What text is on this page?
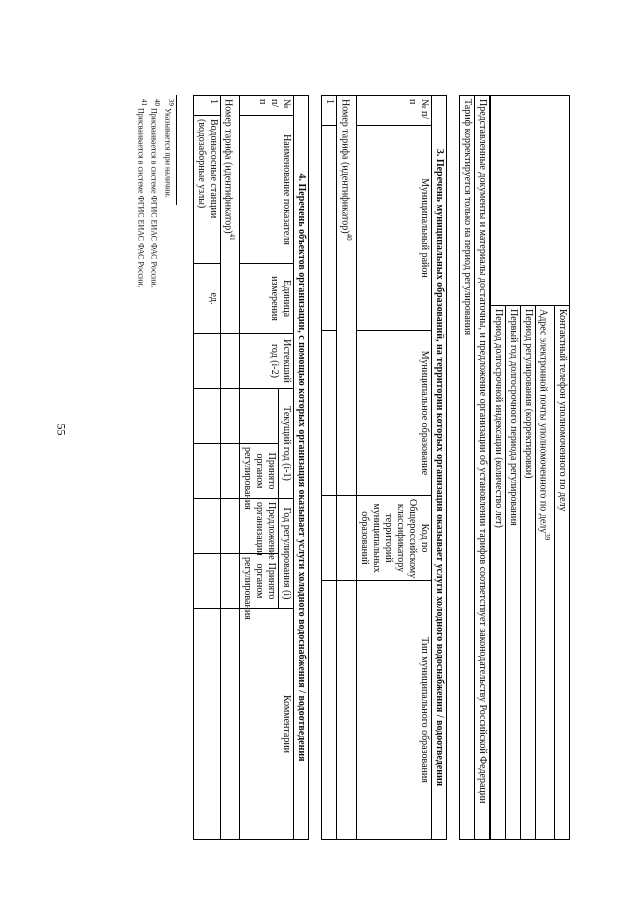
55
		Контактный телефон уполномоченного по делу
Адрес электронной почты уполномоченного по делу$^{39}$
Период регулирования (корректировки)
Первый год долгосрочного периода регулирования
Период долгосрочной индексации (количество лет)
Представленные документы и материалы достаточны, и предложение организации об установлении тарифов соответствует законодательству Российской Федерации
Тариф корректируется только на период регулирования
3. Перечень муниципальных образований, на территории которых организация оказывает услуги холодного водоснабжения / водоотведения				
№ п/п	Муниципальный район	Муниципальное образование	Код по Общероссийскому классификатору территорий муниципальных образований	Тип муниципального образования
Номер тарифа (идентификатор)$^{40}$		
1				
4. Перечень объектов организации, с помощью которых организация оказывает услуги холодного водоснабжения / водоотведения								
№ п/п	Наименование показателя	Единица измерения	Истекший год (i-2)	Текущий год (i-1)		Год регулирования (i)		Комментарии
					Принято органом регулирования	Предложение организации	Принято органом регулирования	
Номер тарифа (идентификатор)$^{41}$						
1	Водонасосные станции (водозаборные узлы)	ед.						
$^{39}$ Указывается при наличии.
$^{40}$ Присваивается в системе ФГИС ЕИАС ФАС России.
$^{41}$ Присваивается в системе ФГИС ЕИАС ФАС России.
